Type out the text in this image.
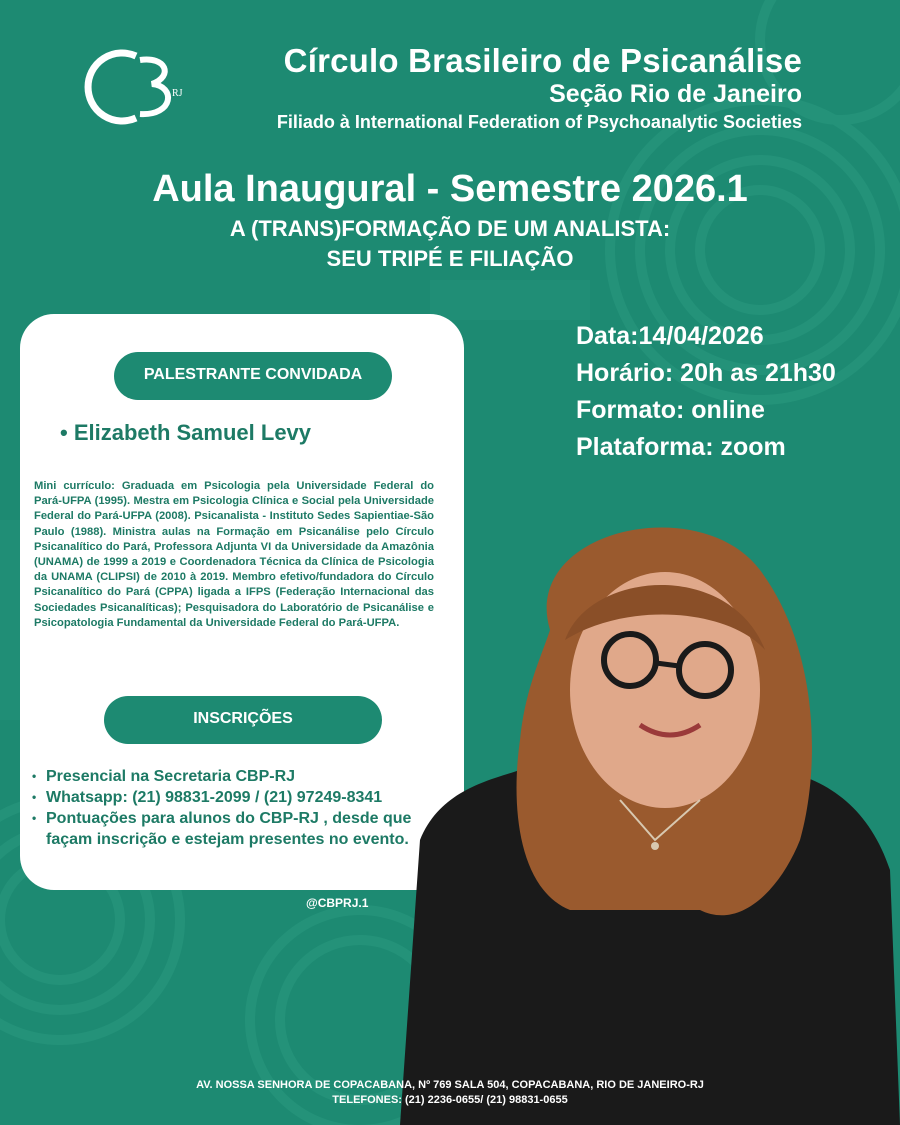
RJ
Círculo Brasileiro de Psicanálise
Seção Rio de Janeiro
Filiado à International Federation of Psychoanalytic Societies
Aula Inaugural - Semestre 2026.1
A (TRANS)FORMAÇÃO DE UM ANALISTA:
SEU TRIPÉ E FILIAÇÃO
PALESTRANTE CONVIDADA
• Elizabeth Samuel Levy
Mini currículo: Graduada em Psicologia pela Universidade Federal do Pará-UFPA (1995). Mestra em Psicologia Clínica e Social pela Universidade Federal do Pará-UFPA (2008). Psicanalista - Instituto Sedes Sapientiae-São Paulo (1988). Ministra aulas na Formação em Psicanálise pelo Círculo Psicanalítico do Pará, Professora Adjunta VI da Universidade da Amazônia (UNAMA) de 1999 a 2019 e Coordenadora Técnica da Clínica de Psicologia da UNAMA (CLIPSI) de 2010 à 2019. Membro efetivo/fundadora do Círculo Psicanalítico do Pará (CPPA) ligada a IFPS (Federação Internacional das Sociedades Psicanalíticas); Pesquisadora do Laboratório de Psicanálise e Psicopatologia Fundamental da Universidade Federal do Pará-UFPA.
INSCRIÇÕES
• Presencial na Secretaria CBP-RJ
• Whatsapp: (21) 98831-2099 / (21) 97249-8341
• Pontuações para alunos do CBP-RJ , desde que façam inscrição e estejam presentes no evento.
Data:14/04/2026
Horário: 20h as 21h30
Formato: online
Plataforma: zoom
@CBPRJ.1
AV. NOSSA SENHORA DE COPACABANA, Nº 769 SALA 504, COPACABANA, RIO DE JANEIRO-RJ
TELEFONES: (21) 2236-0655/ (21) 98831-0655
